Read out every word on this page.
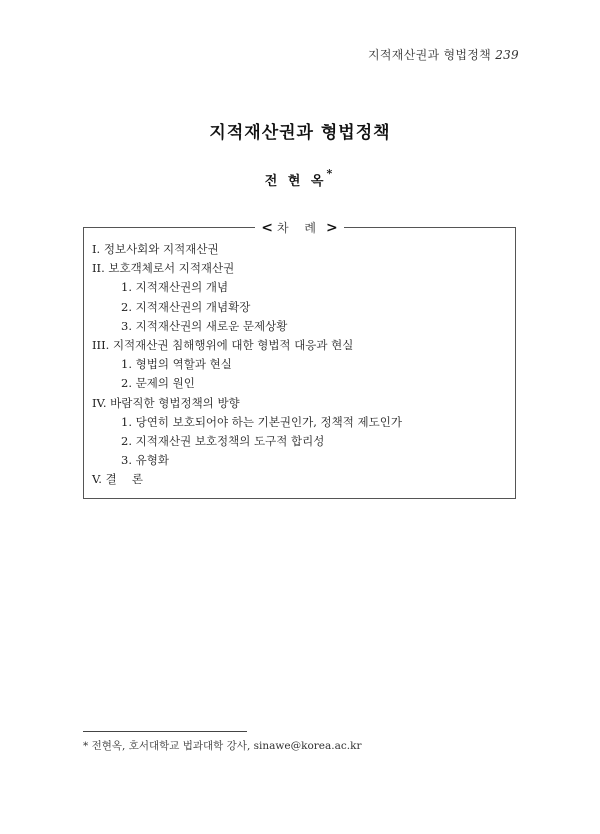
지적재산권과 형법정책 239
지적재산권과 형법정책
전 현 옥*
< 차 례 >
I. 정보사회와 지적재산권
II. 보호객체로서 지적재산권
1. 지적재산권의 개념
2. 지적재산권의 개념확장
3. 지적재산권의 새로운 문제상황
III. 지적재산권 침해행위에 대한 형법적 대응과 현실
1. 형법의 역할과 현실
2. 문제의 원인
IV. 바람직한 형법정책의 방향
1. 당연히 보호되어야 하는 기본권인가, 정책적 제도인가
2. 지적재산권 보호정책의 도구적 합리성
3. 유형화
V. 결　 론
* 전현옥, 호서대학교 법과대학 강사, sinawe@korea.ac.kr
